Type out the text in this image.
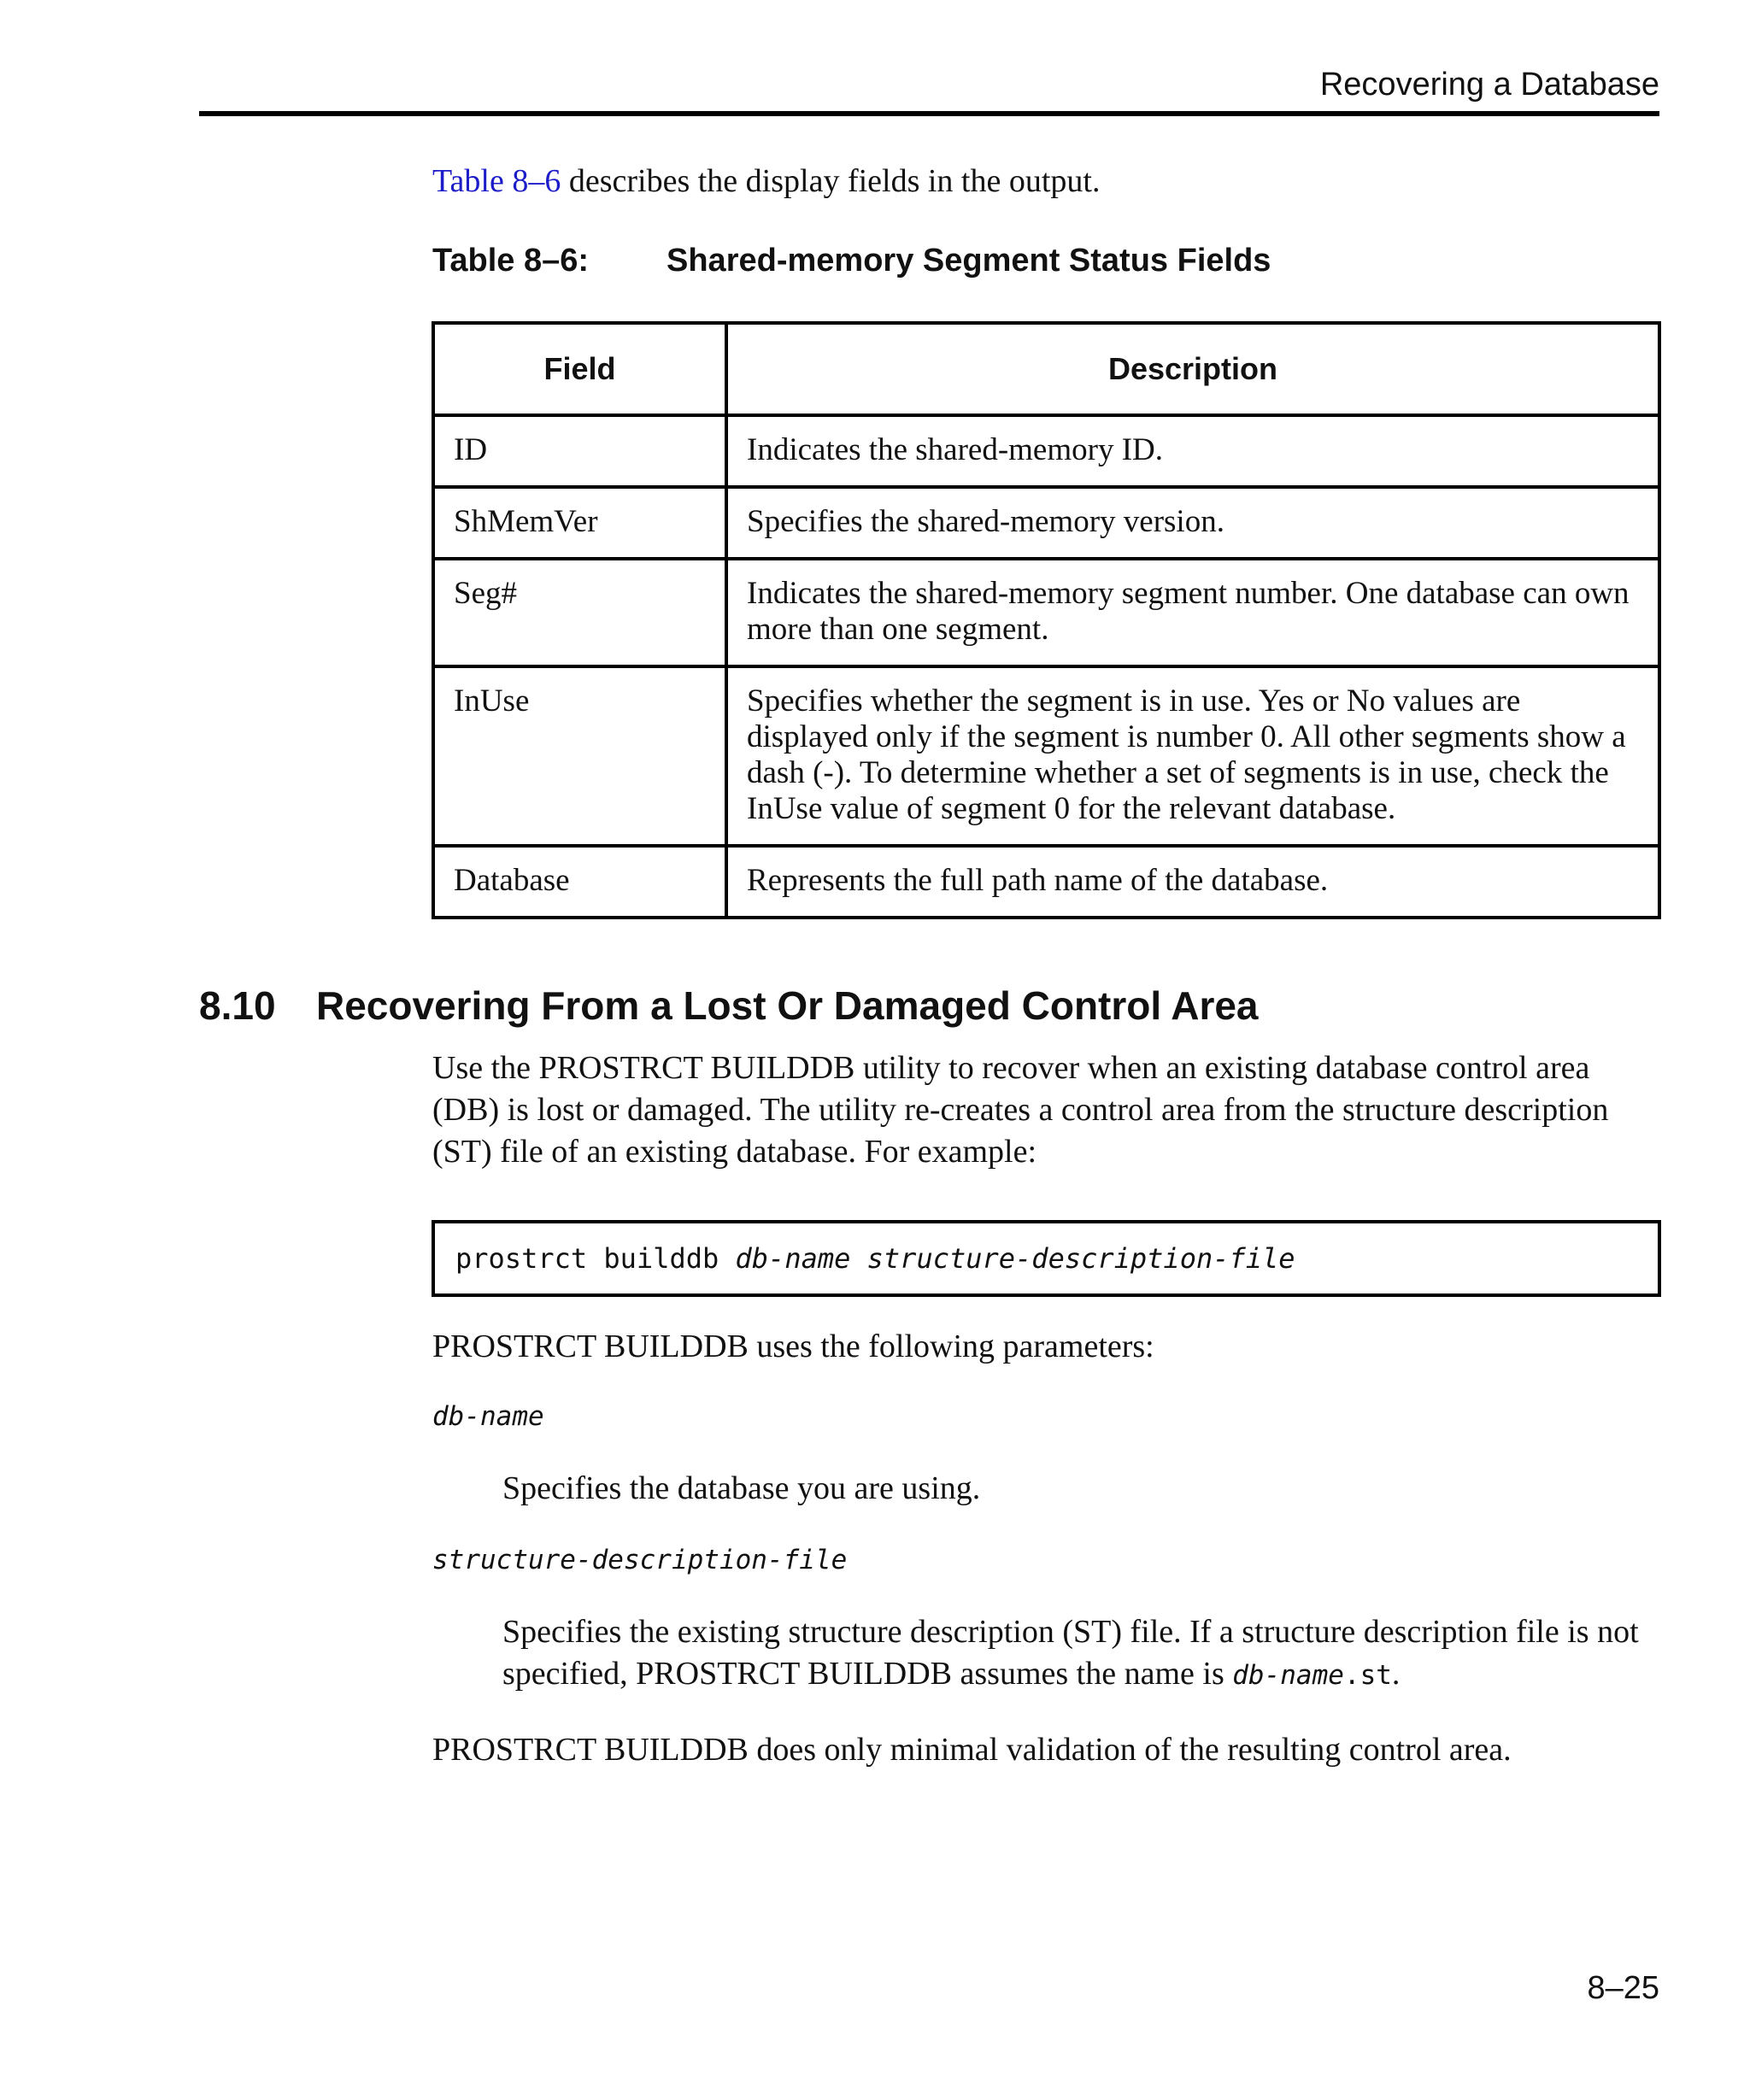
Recovering a Database
Table 8–6 describes the display fields in the output.
Table 8–6: Shared-memory Segment Status Fields
Field	Description
ID	Indicates the shared-memory ID.
ShMemVer	Specifies the shared-memory version.
Seg#	Indicates the shared-memory segment number. One database can own more than one segment.
InUse	Specifies whether the segment is in use. Yes or No values are displayed only if the segment is number 0. All other segments show a dash (-). To determine whether a set of segments is in use, check the InUse value of segment 0 for the relevant database.
Database	Represents the full path name of the database.
8.10 Recovering From a Lost Or Damaged Control Area
Use the PROSTRCT BUILDDB utility to recover when an existing database control area (DB) is lost or damaged. The utility re-creates a control area from the structure description (ST) file of an existing database. For example:
prostrct builddb db-name structure-description-file
PROSTRCT BUILDDB uses the following parameters:
db-name
Specifies the database you are using.
structure-description-file
Specifies the existing structure description (ST) file. If a structure description file is not specified, PROSTRCT BUILDDB assumes the name is db-name.st.
PROSTRCT BUILDDB does only minimal validation of the resulting control area.
8–25
